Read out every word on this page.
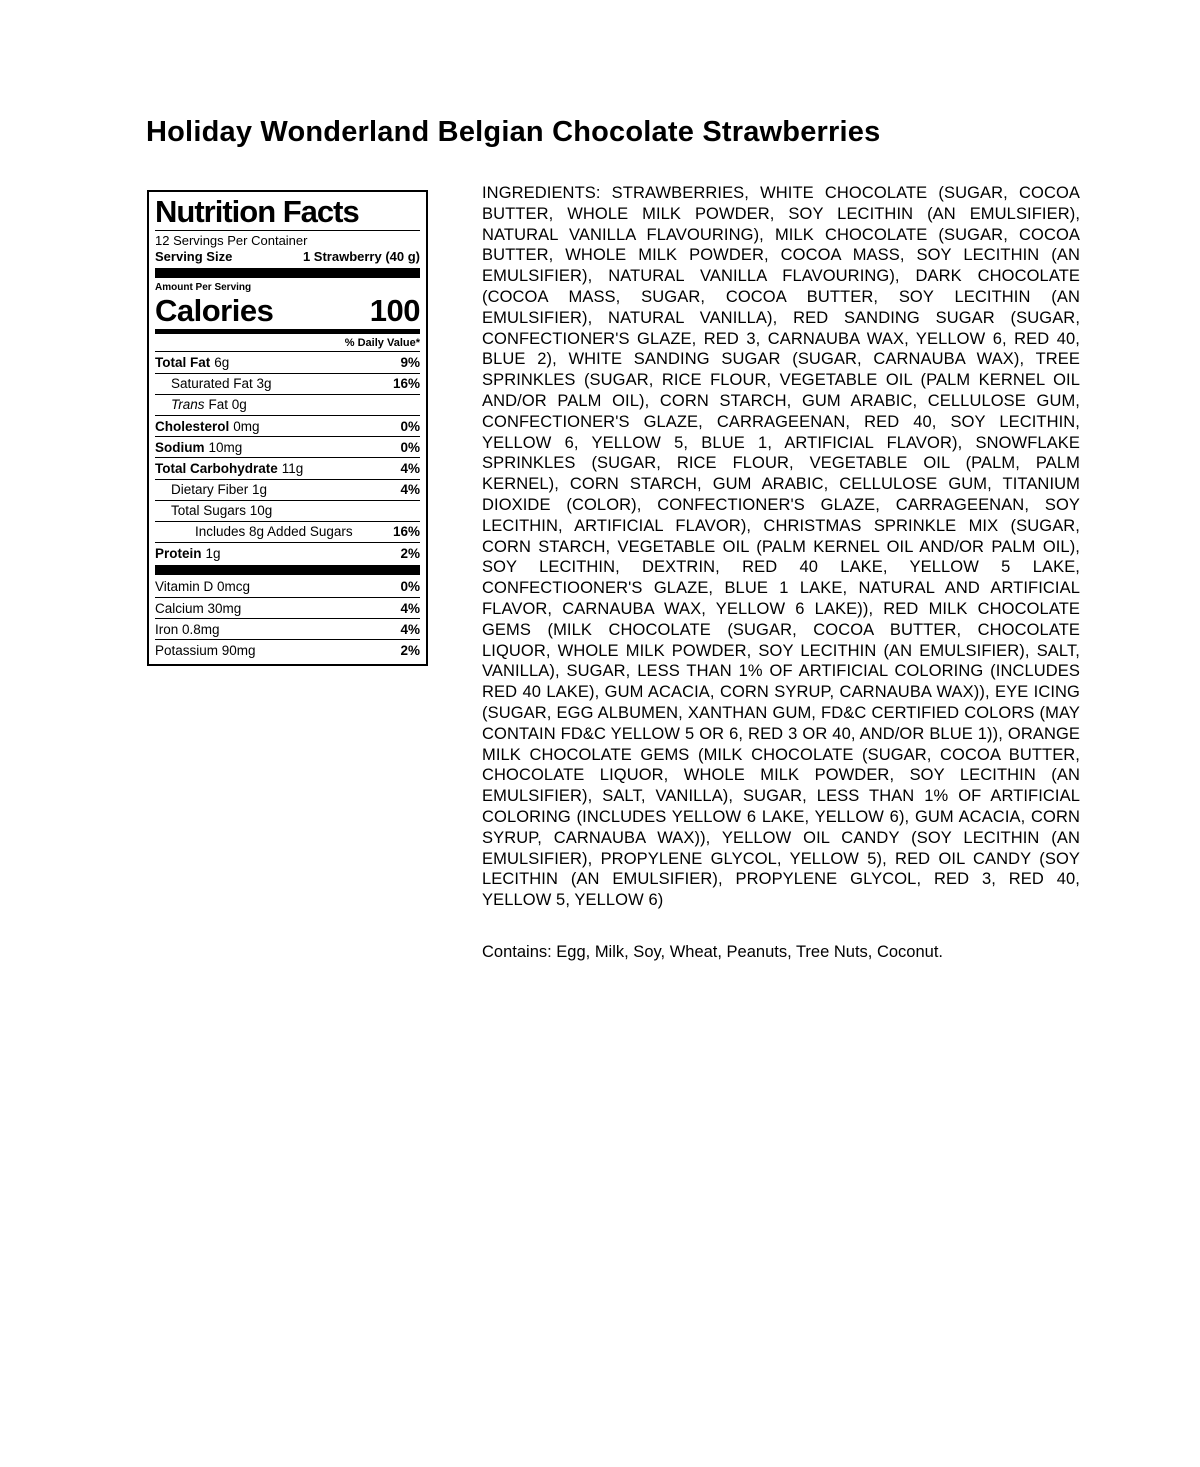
Holiday Wonderland Belgian Chocolate Strawberries
Nutrition Facts
12 Servings Per Container
Serving Size	1 Strawberry (40 g)
Amount Per Serving
Calories	100
% Daily Value*
Total Fat 6g	9%
Saturated Fat 3g	16%
Trans Fat 0g
Cholesterol 0mg	0%
Sodium 10mg	0%
Total Carbohydrate 11g	4%
Dietary Fiber 1g	4%
Total Sugars 10g
Includes 8g Added Sugars	16%
Protein 1g	2%
Vitamin D 0mcg	0%
Calcium 30mg	4%
Iron 0.8mg	4%
Potassium 90mg	2%

INGREDIENTS: STRAWBERRIES, WHITE CHOCOLATE (SUGAR, COCOA BUTTER, WHOLE MILK POWDER, SOY LECITHIN (AN EMULSIFIER), NATURAL VANILLA FLAVOURING), MILK CHOCOLATE (SUGAR, COCOA BUTTER, WHOLE MILK POWDER, COCOA MASS, SOY LECITHIN (AN EMULSIFIER), NATURAL VANILLA FLAVOURING), DARK CHOCOLATE (COCOA MASS, SUGAR, COCOA BUTTER, SOY LECITHIN (AN EMULSIFIER), NATURAL VANILLA), RED SANDING SUGAR (SUGAR, CONFECTIONER'S GLAZE, RED 3, CARNAUBA WAX, YELLOW 6, RED 40, BLUE 2), WHITE SANDING SUGAR (SUGAR, CARNAUBA WAX), TREE SPRINKLES (SUGAR, RICE FLOUR, VEGETABLE OIL (PALM KERNEL OIL AND/OR PALM OIL), CORN STARCH, GUM ARABIC, CELLULOSE GUM, CONFECTIONER'S GLAZE, CARRAGEENAN, RED 40, SOY LECITHIN, YELLOW 6, YELLOW 5, BLUE 1, ARTIFICIAL FLAVOR), SNOWFLAKE SPRINKLES (SUGAR, RICE FLOUR, VEGETABLE OIL (PALM, PALM KERNEL), CORN STARCH, GUM ARABIC, CELLULOSE GUM, TITANIUM DIOXIDE (COLOR), CONFECTIONER'S GLAZE, CARRAGEENAN, SOY LECITHIN, ARTIFICIAL FLAVOR), CHRISTMAS SPRINKLE MIX (SUGAR, CORN STARCH, VEGETABLE OIL (PALM KERNEL OIL AND/OR PALM OIL), SOY LECITHIN, DEXTRIN, RED 40 LAKE, YELLOW 5 LAKE, CONFECTIOONER'S GLAZE, BLUE 1 LAKE, NATURAL AND ARTIFICIAL FLAVOR, CARNAUBA WAX, YELLOW 6 LAKE)), RED MILK CHOCOLATE GEMS (MILK CHOCOLATE (SUGAR, COCOA BUTTER, CHOCOLATE LIQUOR, WHOLE MILK POWDER, SOY LECITHIN (AN EMULSIFIER), SALT, VANILLA), SUGAR, LESS THAN 1% OF ARTIFICIAL COLORING (INCLUDES RED 40 LAKE), GUM ACACIA, CORN SYRUP, CARNAUBA WAX)), EYE ICING (SUGAR, EGG ALBUMEN, XANTHAN GUM, FD&C CERTIFIED COLORS (MAY CONTAIN FD&C YELLOW 5 OR 6, RED 3 OR 40, AND/OR BLUE 1)), ORANGE MILK CHOCOLATE GEMS (MILK CHOCOLATE (SUGAR, COCOA BUTTER, CHOCOLATE LIQUOR, WHOLE MILK POWDER, SOY LECITHIN (AN EMULSIFIER), SALT, VANILLA), SUGAR, LESS THAN 1% OF ARTIFICIAL COLORING (INCLUDES YELLOW 6 LAKE, YELLOW 6), GUM ACACIA, CORN SYRUP, CARNAUBA WAX)), YELLOW OIL CANDY (SOY LECITHIN (AN EMULSIFIER), PROPYLENE GLYCOL, YELLOW 5), RED OIL CANDY (SOY LECITHIN (AN EMULSIFIER), PROPYLENE GLYCOL, RED 3, RED 40, YELLOW 5, YELLOW 6)

Contains: Egg, Milk, Soy, Wheat, Peanuts, Tree Nuts, Coconut.
